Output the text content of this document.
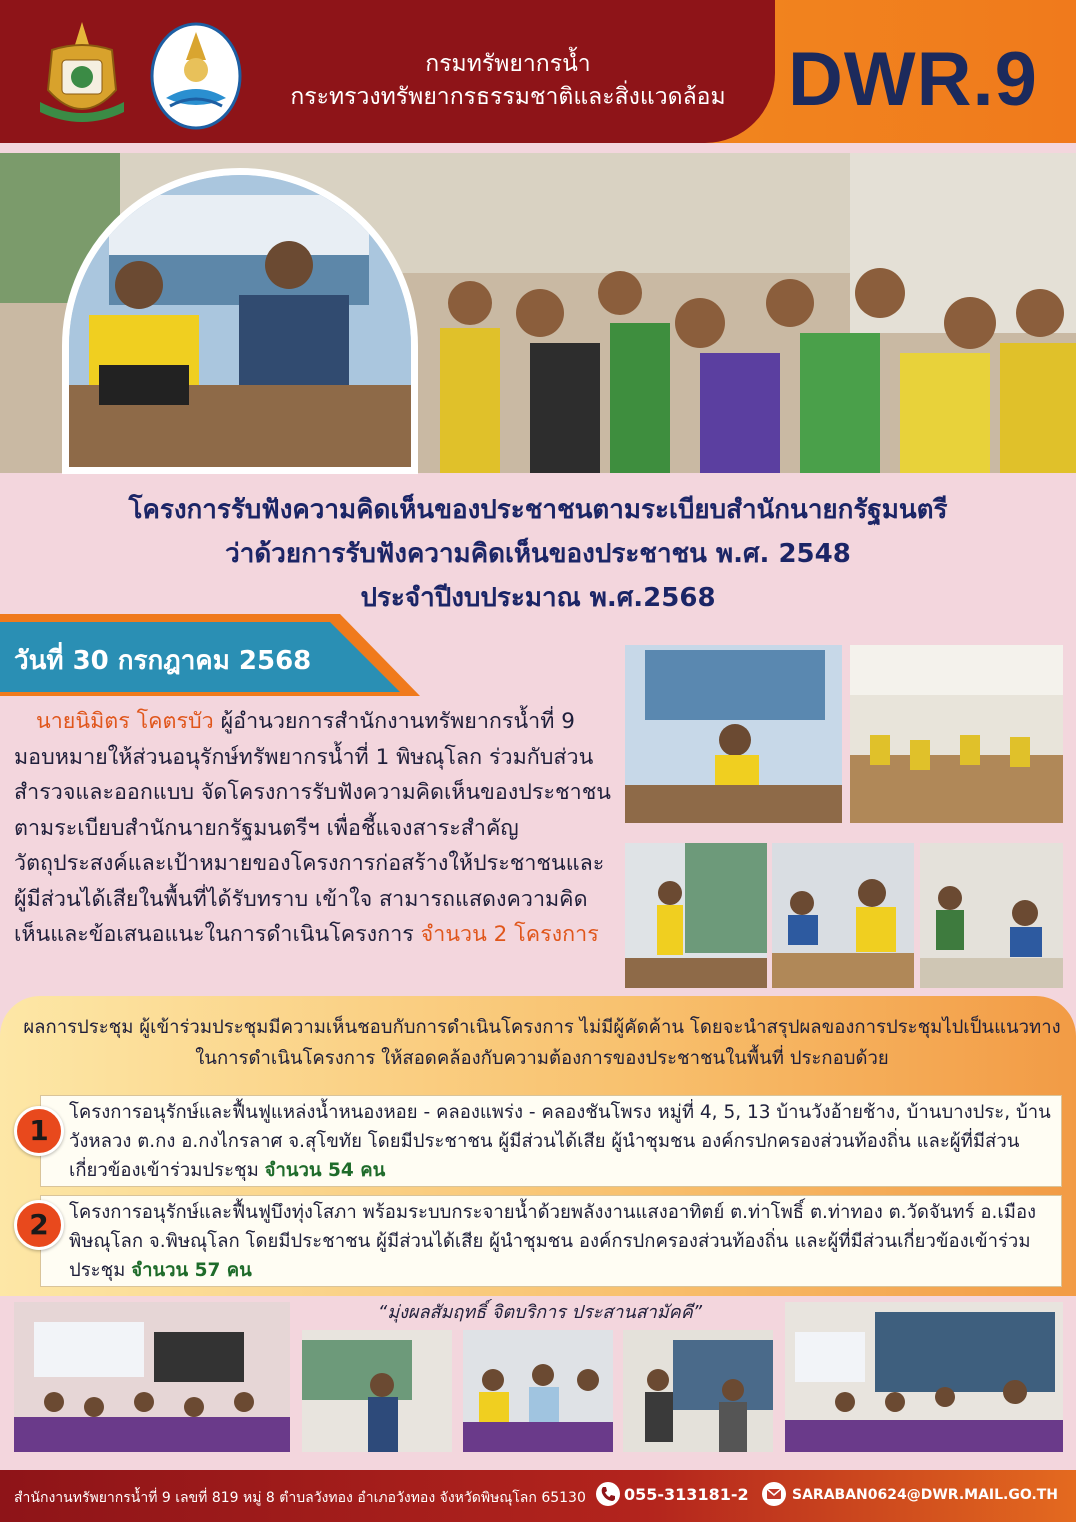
กรมทรัพยากรน้ำ
กระทรวงทรัพยากรธรรมชาติและสิ่งแวดล้อม DWR.9
โครงการรับฟังความคิดเห็นของประชาชนตามระเบียบสำนักนายกรัฐมนตรี
ว่าด้วยการรับฟังความคิดเห็นของประชาชน พ.ศ. 2548
ประจำปีงบประมาณ พ.ศ.2568
วันที่ 30 กรกฎาคม 2568
นายนิมิตร โคตรบัว ผู้อำนวยการสำนักงานทรัพยากรน้ำที่ 9 มอบหมายให้ส่วนอนุรักษ์ทรัพยากรน้ำที่ 1 พิษณุโลก ร่วมกับส่วนสำรวจและออกแบบ จัดโครงการรับฟังความคิดเห็นของประชาชนตามระเบียบสำนักนายกรัฐมนตรีฯ เพื่อชี้แจงสาระสำคัญวัตถุประสงค์และเป้าหมายของโครงการก่อสร้างให้ประชาชนและผู้มีส่วนได้เสียในพื้นที่ได้รับทราบ เข้าใจ สามารถแสดงความคิดเห็นและข้อเสนอแนะในการดำเนินโครงการ จำนวน 2 โครงการ
ผลการประชุม ผู้เข้าร่วมประชุมมีความเห็นชอบกับการดำเนินโครงการ ไม่มีผู้คัดค้าน โดยจะนำสรุปผลของการประชุมไปเป็นแนวทางในการดำเนินโครงการ ให้สอดคล้องกับความต้องการของประชาชนในพื้นที่ ประกอบด้วย
โครงการอนุรักษ์และฟื้นฟูแหล่งน้ำหนองหอย - คลองแพร่ง - คลองชันโพรง หมู่ที่ 4, 5, 13 บ้านวังอ้ายช้าง, บ้านบางประ, บ้านวังหลวง ต.กง อ.กงไกรลาศ จ.สุโขทัย โดยมีประชาชน ผู้มีส่วนได้เสีย ผู้นำชุมชน องค์กรปกครองส่วนท้องถิ่น และผู้ที่มีส่วนเกี่ยวข้องเข้าร่วมประชุม จำนวน 54 คน
1
โครงการอนุรักษ์และฟื้นฟูบึงทุ่งโสภา พร้อมระบบกระจายน้ำด้วยพลังงานแสงอาทิตย์ ต.ท่าโพธิ์ ต.ท่าทอง ต.วัดจันทร์ อ.เมืองพิษณุโลก จ.พิษณุโลก โดยมีประชาชน ผู้มีส่วนได้เสีย ผู้นำชุมชน องค์กรปกครองส่วนท้องถิ่น และผู้ที่มีส่วนเกี่ยวข้องเข้าร่วมประชุม จำนวน 57 คน
2
“มุ่งผลสัมฤทธิ์ จิตบริการ ประสานสามัคคี”
สำนักงานทรัพยากรน้ำที่ 9 เลขที่ 819 หมู่ 8 ตำบลวังทอง อำเภอวังทอง จังหวัดพิษณุโลก 65130 055-313181-2	SARABAN0624@DWR.MAIL.GO.TH
